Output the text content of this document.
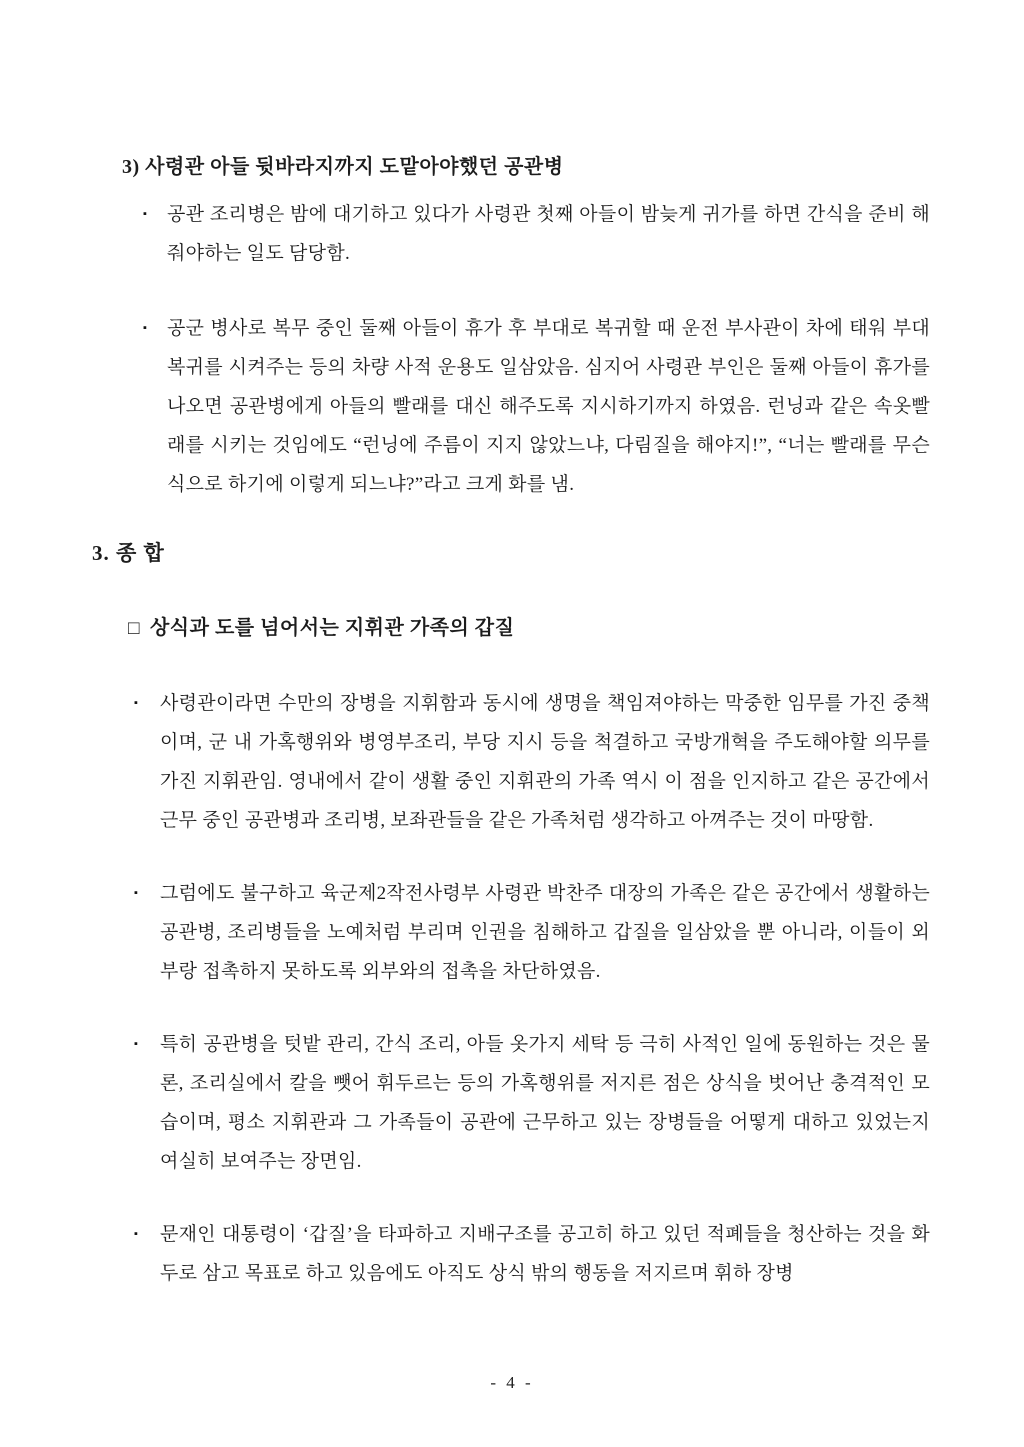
3) 사령관 아들 뒷바라지까지 도맡아야했던 공관병
▪	공관 조리병은 밤에 대기하고 있다가 사령관 첫째 아들이 밤늦게 귀가를 하면 간식을 준비 해줘야하는 일도 담당함.

▪	공군 병사로 복무 중인 둘째 아들이 휴가 후 부대로 복귀할 때 운전 부사관이 차에 태워 부대 복귀를 시켜주는 등의 차량 사적 운용도 일삼았음. 심지어 사령관 부인은 둘째 아들이 휴가를 나오면 공관병에게 아들의 빨래를 대신 해주도록 지시하기까지 하였음. 런닝과 같은 속옷빨래를 시키는 것임에도 “런닝에 주름이 지지 않았느냐, 다림질을 해야지!”, “너는 빨래를 무슨 식으로 하기에 이렇게 되느냐?”라고 크게 화를 냄.

3. 종 합
□ 상식과 도를 넘어서는 지휘관 가족의 갑질
▪	사령관이라면 수만의 장병을 지휘함과 동시에 생명을 책임져야하는 막중한 임무를 가진 중책이며, 군 내 가혹행위와 병영부조리, 부당 지시 등을 척결하고 국방개혁을 주도해야할 의무를 가진 지휘관임. 영내에서 같이 생활 중인 지휘관의 가족 역시 이 점을 인지하고 같은 공간에서 근무 중인 공관병과 조리병, 보좌관들을 같은 가족처럼 생각하고 아껴주는 것이 마땅함.

▪	그럼에도 불구하고 육군제2작전사령부 사령관 박찬주 대장의 가족은 같은 공간에서 생활하는 공관병, 조리병들을 노예처럼 부리며 인권을 침해하고 갑질을 일삼았을 뿐 아니라, 이들이 외부랑 접촉하지 못하도록 외부와의 접촉을 차단하였음.

▪	특히 공관병을 텃밭 관리, 간식 조리, 아들 옷가지 세탁 등 극히 사적인 일에 동원하는 것은 물론, 조리실에서 칼을 뺏어 휘두르는 등의 가혹행위를 저지른 점은 상식을 벗어난 충격적인 모습이며, 평소 지휘관과 그 가족들이 공관에 근무하고 있는 장병들을 어떻게 대하고 있었는지 여실히 보여주는 장면임.

▪	문재인 대통령이 ‘갑질’을 타파하고 지배구조를 공고히 하고 있던 적폐들을 청산하는 것을 화두로 삼고 목표로 하고 있음에도 아직도 상식 밖의 행동을 저지르며 휘하 장병

- 4 -
